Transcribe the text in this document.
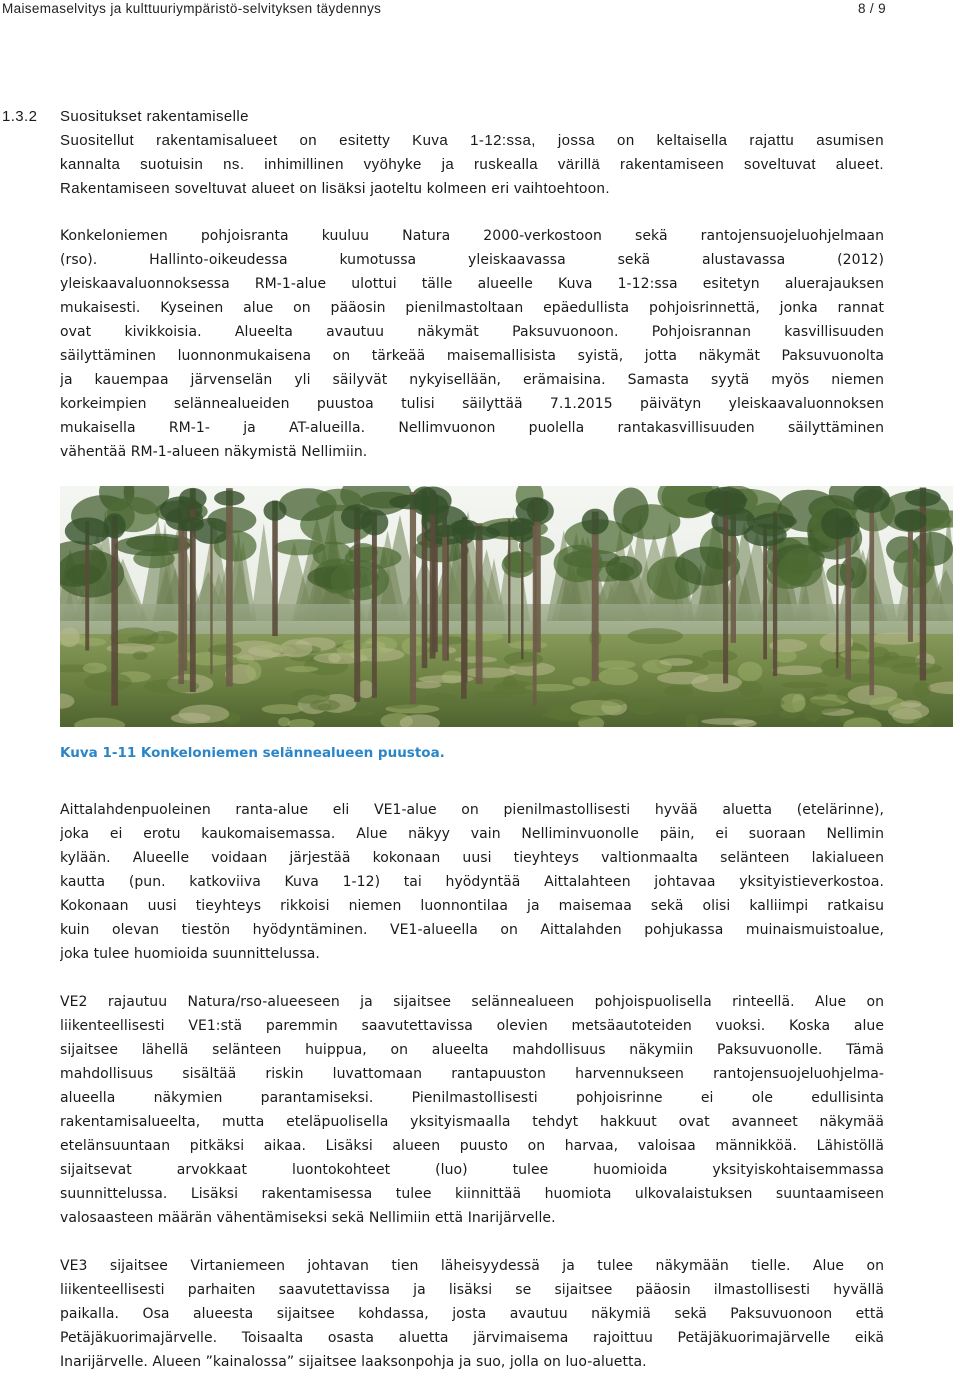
Maisemaselvitys ja kulttuuriympäristö-selvityksen täydennys	8 / 9
1.3.2 Suositukset rakentamiselle
Suositellut rakentamisalueet on esitetty Kuva 1-12:ssa, jossa on keltaisella rajattu asumisen
kannalta suotuisin ns. inhimillinen vyöhyke ja ruskealla värillä rakentamiseen soveltuvat alueet.
Rakentamiseen soveltuvat alueet on lisäksi jaoteltu kolmeen eri vaihtoehtoon.
Konkeloniemen pohjoisranta kuuluu Natura 2000-verkostoon sekä rantojensuojeluohjelmaan
(rso). Hallinto-oikeudessa kumotussa yleiskaavassa sekä alustavassa (2012)
yleiskaavaluonnoksessa RM-1-alue ulottui tälle alueelle Kuva 1-12:ssa esitetyn aluerajauksen
mukaisesti. Kyseinen alue on pääosin pienilmastoltaan epäedullista pohjoisrinnettä, jonka rannat
ovat kivikkoisia. Alueelta avautuu näkymät Paksuvuonoon. Pohjoisrannan kasvillisuuden
säilyttäminen luonnonmukaisena on tärkeää maisemallisista syistä, jotta näkymät Paksuvuonolta
ja kauempaa järvenselän yli säilyvät nykyisellään, erämaisina. Samasta syytä myös niemen
korkeimpien selännealueiden puustoa tulisi säilyttää 7.1.2015 päivätyn yleiskaavaluonnoksen
mukaisella RM-1- ja AT-alueilla. Nellimvuonon puolella rantakasvillisuuden säilyttäminen
vähentää RM-1-alueen näkymistä Nellimiin.
Kuva 1-11 Konkeloniemen selännealueen puustoa.
Aittalahdenpuoleinen ranta-alue eli VE1-alue on pienilmastollisesti hyvää aluetta (etelärinne),
joka ei erotu kaukomaisemassa. Alue näkyy vain Nelliminvuonolle päin, ei suoraan Nellimin
kylään. Alueelle voidaan järjestää kokonaan uusi tieyhteys valtionmaalta selänteen lakialueen
kautta (pun. katkoviiva Kuva 1-12) tai hyödyntää Aittalahteen johtavaa yksityistieverkostoa.
Kokonaan uusi tieyhteys rikkoisi niemen luonnontilaa ja maisemaa sekä olisi kalliimpi ratkaisu
kuin olevan tiestön hyödyntäminen. VE1-alueella on Aittalahden pohjukassa muinaismuistoalue,
joka tulee huomioida suunnittelussa.
VE2 rajautuu Natura/rso-alueeseen ja sijaitsee selännealueen pohjoispuolisella rinteellä. Alue on
liikenteellisesti VE1:stä paremmin saavutettavissa olevien metsäautoteiden vuoksi. Koska alue
sijaitsee lähellä selänteen huippua, on alueelta mahdollisuus näkymiin Paksuvuonolle. Tämä
mahdollisuus sisältää riskin luvattomaan rantapuuston harvennukseen rantojensuojeluohjelma-
alueella näkymien parantamiseksi. Pienilmastollisesti pohjoisrinne ei ole edullisinta
rakentamisalueelta, mutta eteläpuolisella yksityismaalla tehdyt hakkuut ovat avanneet näkymää
etelänsuuntaan pitkäksi aikaa. Lisäksi alueen puusto on harvaa, valoisaa männikköä. Lähistöllä
sijaitsevat arvokkaat luontokohteet (luo) tulee huomioida yksityiskohtaisemmassa
suunnittelussa. Lisäksi rakentamisessa tulee kiinnittää huomiota ulkovalaistuksen suuntaamiseen
valosaasteen määrän vähentämiseksi sekä Nellimiin että Inarijärvelle.
VE3 sijaitsee Virtaniemeen johtavan tien läheisyydessä ja tulee näkymään tielle. Alue on
liikenteellisesti parhaiten saavutettavissa ja lisäksi se sijaitsee pääosin ilmastollisesti hyvällä
paikalla. Osa alueesta sijaitsee kohdassa, josta avautuu näkymiä sekä Paksuvuonoon että
Petäjäkuorimajärvelle. Toisaalta osasta aluetta järvimaisema rajoittuu Petäjäkuorimajärvelle eikä
Inarijärvelle. Alueen ”kainalossa” sijaitsee laaksonpohja ja suo, jolla on luo-aluetta.
